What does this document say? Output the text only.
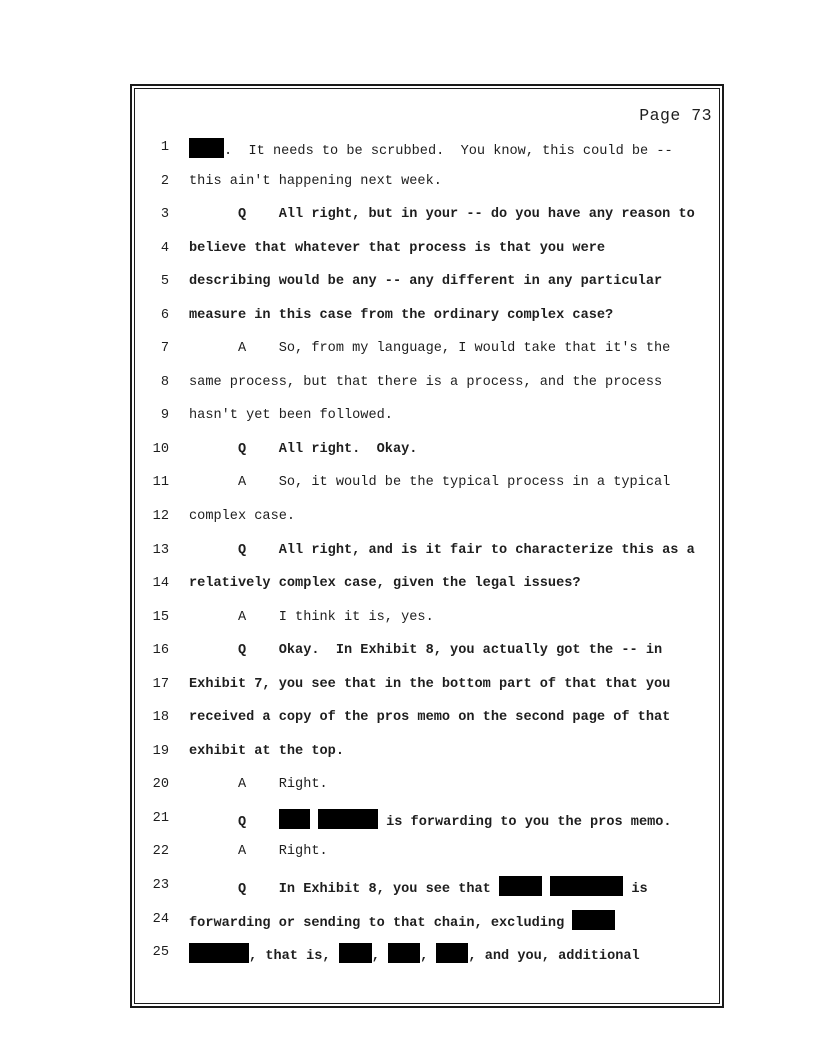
Page 73
1	.  It needs to be scrubbed.  You know, this could be --
2 this ain't happening next week.
3 Q    All right, but in your -- do you have any reason to
4 believe that whatever that process is that you were
5 describing would be any -- any different in any particular
6 measure in this case from the ordinary complex case?
7 A    So, from my language, I would take that it's the
8 same process, but that there is a process, and the process
9 hasn't yet been followed.
10 Q    All right.  Okay.
11 A    So, it would be the typical process in a typical
12 complex case.
13 Q    All right, and is it fair to characterize this as a
14 relatively complex case, given the legal issues?
15 A    I think it is, yes.
16 Q    Okay.  In Exhibit 8, you actually got the -- in
17 Exhibit 7, you see that in the bottom part of that that you
18 received a copy of the pros memo on the second page of that
19 exhibit at the top.
20 A    Right.
21 Q	is forwarding to you the pros memo.
22 A    Right.
23 Q    In Exhibit 8, you see that	is
24 forwarding or sending to that chain, excluding
25	, that is, , , , and you, additional
